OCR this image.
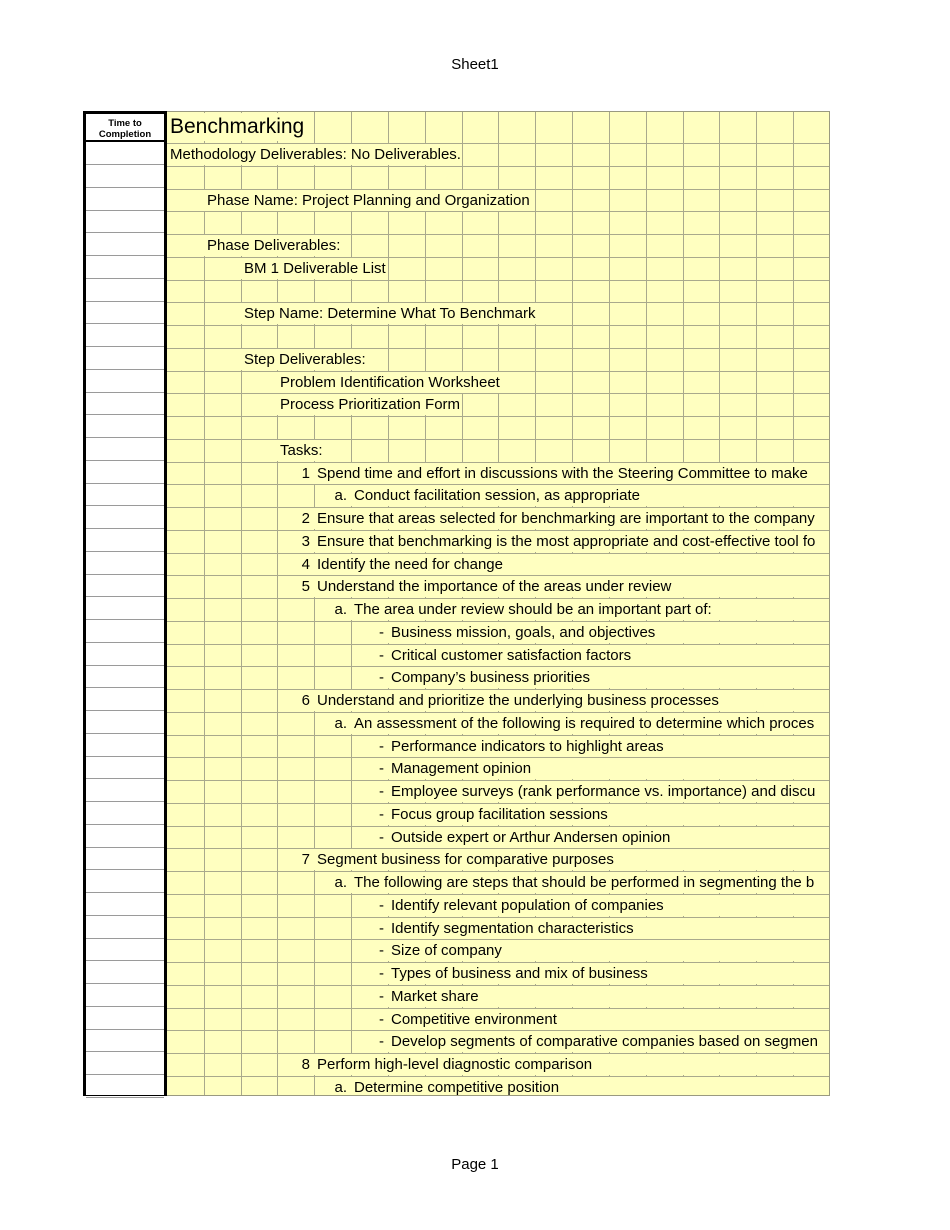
Sheet1
Time to Completion Benchmarking
Methodology Deliverables: No Deliverables.
Phase Name: Project Planning and Organization
Phase Deliverables:
BM 1 Deliverable List
Step Name: Determine What To Benchmark
Step Deliverables:
Problem Identification Worksheet
Process Prioritization Form
Tasks:
1 Spend time and effort in discussions with the Steering Committee to make
a. Conduct facilitation session, as appropriate
2 Ensure that areas selected for benchmarking are important to the company
3 Ensure that benchmarking is the most appropriate and cost-effective tool fo
4 Identify the need for change
5 Understand the importance of the areas under review
a. The area under review should be an important part of:
- Business mission, goals, and objectives
- Critical customer satisfaction factors
- Company’s business priorities
6 Understand and prioritize the underlying business processes
a. An assessment of the following is required to determine which proces
- Performance indicators to highlight areas
- Management opinion
- Employee surveys (rank performance vs. importance) and discu
- Focus group facilitation sessions
- Outside expert or Arthur Andersen opinion
7 Segment business for comparative purposes
a. The following are steps that should be performed in segmenting the b
- Identify relevant population of companies
- Identify segmentation characteristics
- Size of company
- Types of business and mix of business
- Market share
- Competitive environment
- Develop segments of comparative companies based on segmen
8 Perform high-level diagnostic comparison
a. Determine competitive position
Page 1
